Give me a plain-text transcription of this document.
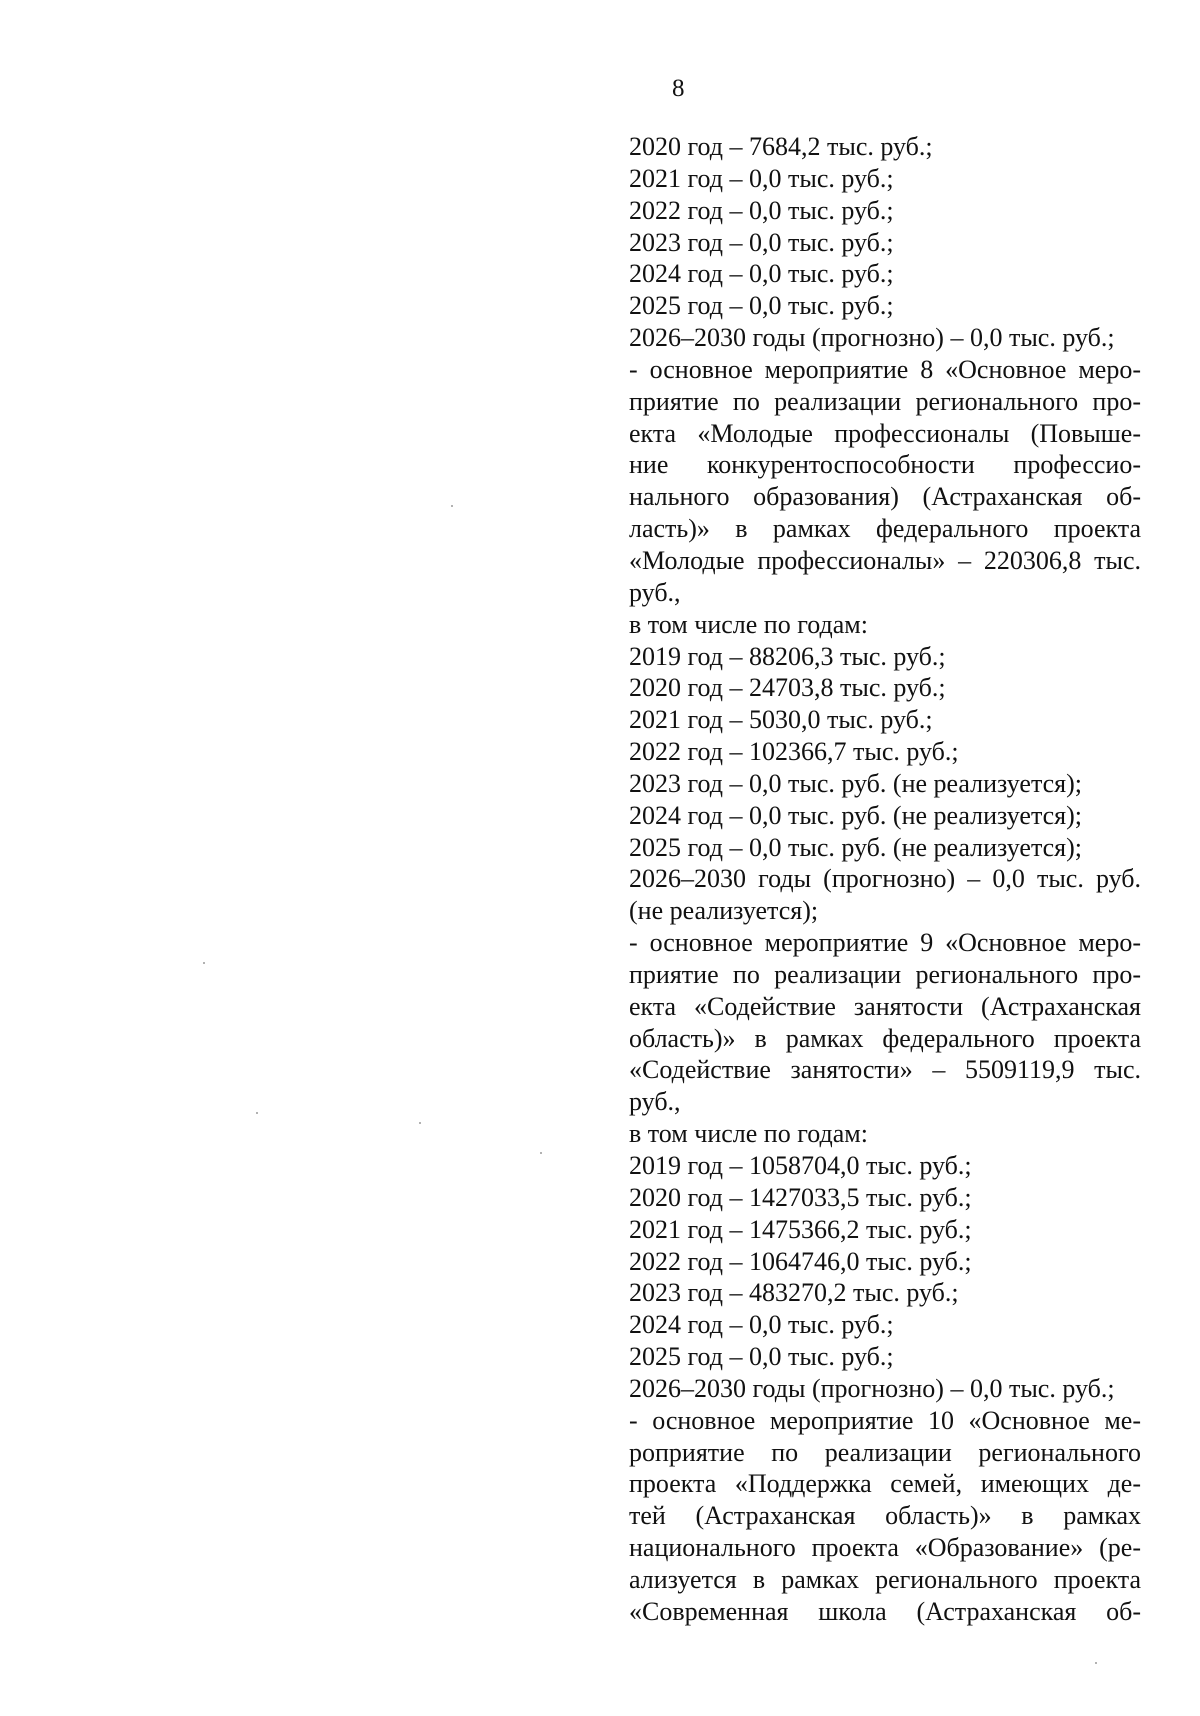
8
2020 год – 7684,2 тыс. руб.;
2021 год – 0,0 тыс. руб.;
2022 год – 0,0 тыс. руб.;
2023 год – 0,0 тыс. руб.;
2024 год – 0,0 тыс. руб.;
2025 год – 0,0 тыс. руб.;
2026–2030 годы (прогнозно) – 0,0 тыс. руб.;
- основное мероприятие 8 «Основное меро-
приятие по реализации регионального про-
екта «Молодые профессионалы (Повыше-
ние конкурентоспособности профессио-
нального образования) (Астраханская об-
ласть)» в рамках федерального проекта
«Молодые профессионалы» – 220306,8 тыс.
руб.,
в том числе по годам:
2019 год – 88206,3 тыс. руб.;
2020 год – 24703,8 тыс. руб.;
2021 год – 5030,0 тыс. руб.;
2022 год – 102366,7 тыс. руб.;
2023 год – 0,0 тыс. руб. (не реализуется);
2024 год – 0,0 тыс. руб. (не реализуется);
2025 год – 0,0 тыс. руб. (не реализуется);
2026–2030 годы (прогнозно) – 0,0 тыс. руб.
(не реализуется);
- основное мероприятие 9 «Основное меро-
приятие по реализации регионального про-
екта «Содействие занятости (Астраханская
область)» в рамках федерального проекта
«Содействие занятости» – 5509119,9 тыс.
руб.,
в том числе по годам:
2019 год – 1058704,0 тыс. руб.;
2020 год – 1427033,5 тыс. руб.;
2021 год – 1475366,2 тыс. руб.;
2022 год – 1064746,0 тыс. руб.;
2023 год – 483270,2 тыс. руб.;
2024 год – 0,0 тыс. руб.;
2025 год – 0,0 тыс. руб.;
2026–2030 годы (прогнозно) – 0,0 тыс. руб.;
- основное мероприятие 10 «Основное ме-
роприятие по реализации регионального
проекта «Поддержка семей, имеющих де-
тей (Астраханская область)» в рамках
национального проекта «Образование» (ре-
ализуется в рамках регионального проекта
«Современная школа (Астраханская об-
